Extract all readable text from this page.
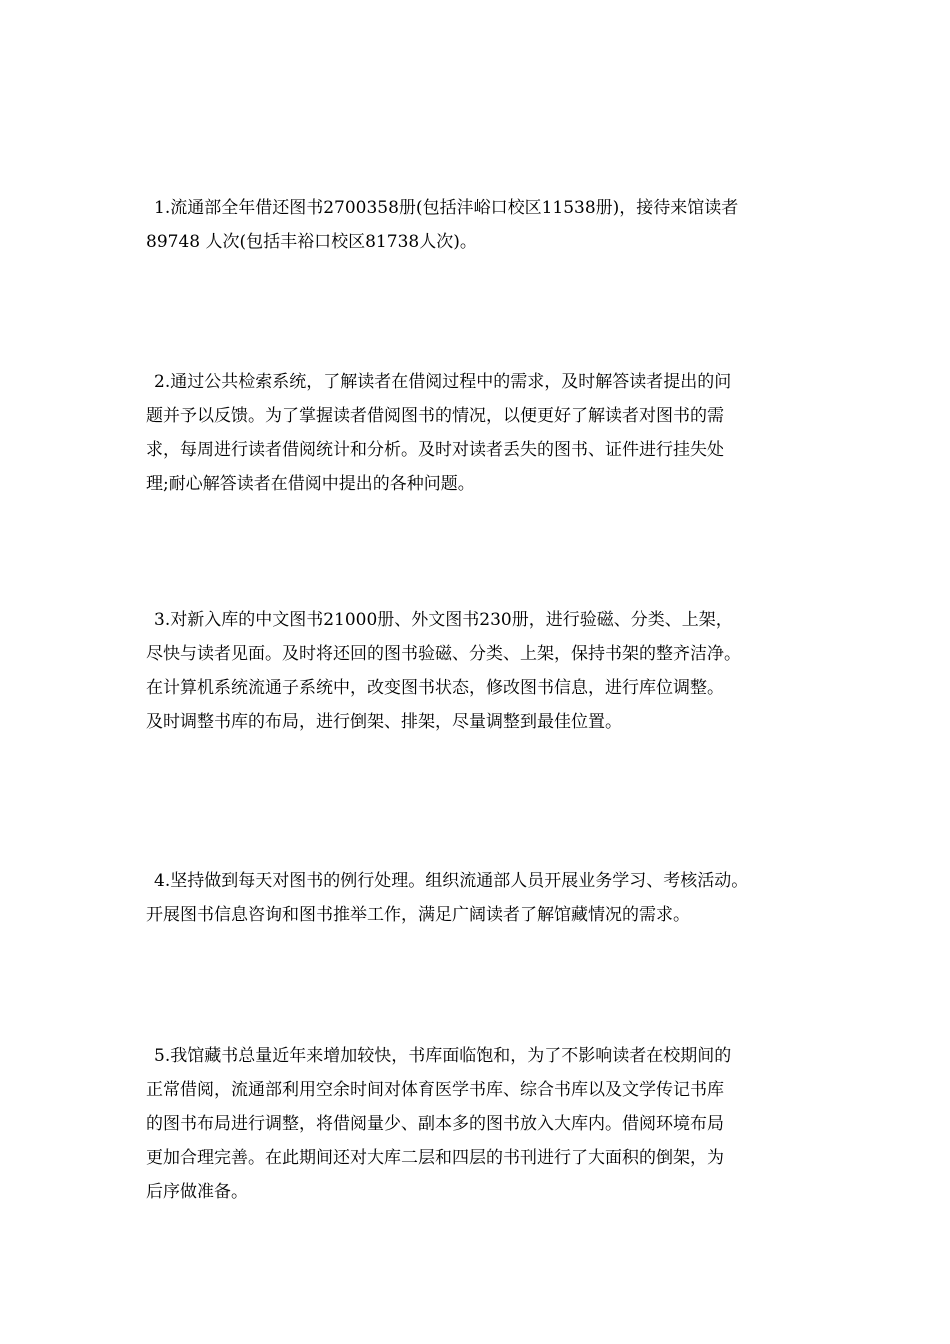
1.流通部全年借还图书2700358册(包括沣峪口校区11538册)，接待来馆读者
89748 人次(包括丰裕口校区81738人次)。

2.通过公共检索系统，了解读者在借阅过程中的需求，及时解答读者提出的问
题并予以反馈。为了掌握读者借阅图书的情况，以便更好了解读者对图书的需
求，每周进行读者借阅统计和分析。及时对读者丢失的图书、证件进行挂失处
理;耐心解答读者在借阅中提出的各种问题。

3.对新入库的中文图书21000册、外文图书230册，进行验磁、分类、上架，
尽快与读者见面。及时将还回的图书验磁、分类、上架，保持书架的整齐洁净。
在计算机系统流通子系统中，改变图书状态，修改图书信息，进行库位调整。
及时调整书库的布局，进行倒架、排架，尽量调整到最佳位置。

4.坚持做到每天对图书的例行处理。组织流通部人员开展业务学习、考核活动。
开展图书信息咨询和图书推举工作，满足广阔读者了解馆藏情况的需求。

5.我馆藏书总量近年来增加较快，书库面临饱和，为了不影响读者在校期间的
正常借阅，流通部利用空余时间对体育医学书库、综合书库以及文学传记书库
的图书布局进行调整，将借阅量少、副本多的图书放入大库内。借阅环境布局
更加合理完善。在此期间还对大库二层和四层的书刊进行了大面积的倒架，为
后序做准备。
